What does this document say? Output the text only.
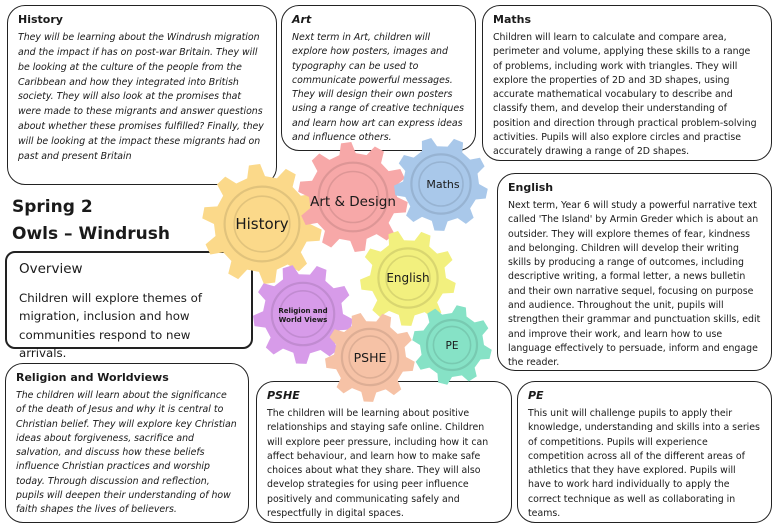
History

They will be learning about the Windrush migration and the impact if has on post-war Britain. They will be looking at the culture of the people from the Caribbean and how they integrated into British society. They will also look at the promises that were made to these migrants and answer questions about whether these promises fulfilled? Finally, they will be looking at the impact these migrants had on past and present Britain

Art

Next term in Art, children will explore how posters, images and typography can be used to communicate powerful messages. They will design their own posters using a range of creative techniques and learn how art can express ideas and influence others.

Maths

Children will learn to calculate and compare area, perimeter and volume, applying these skills to a range of problems, including work with triangles. They will explore the properties of 2D and 3D shapes, using accurate mathematical vocabulary to describe and classify them, and develop their understanding of position and direction through practical problem-solving activities. Pupils will also explore circles and practise accurately drawing a range of 2D shapes.

Spring 2
Owls – Windrush
Overview

Children will explore themes of migration, inclusion and how communities respond to new arrivals.

English

Next term, Year 6 will study a powerful narrative text called 'The Island' by Armin Greder which is about an outsider. They will explore themes of fear, kindness and belonging. Children will develop their writing skills by producing a range of outcomes, including descriptive writing, a formal letter, a news bulletin and their own narrative sequel, focusing on purpose and audience. Throughout the unit, pupils will strengthen their grammar and punctuation skills, edit and improve their work, and learn how to use language effectively to persuade, inform and engage the reader.

Religion and Worldviews

The children will learn about the significance of the death of Jesus and why it is central to Christian belief. They will explore key Christian ideas about forgiveness, sacrifice and salvation, and discuss how these beliefs influence Christian practices and worship today. Through discussion and reflection, pupils will deepen their understanding of how faith shapes the lives of believers.

PSHE

The children will be learning about positive relationships and staying safe online. Children will explore peer pressure, including how it can affect behaviour, and learn how to make safe choices about what they share. They will also develop strategies for using peer influence positively and communicating safely and respectfully in digital spaces.

PE

This unit will challenge pupils to apply their knowledge, understanding and skills into a series of competitions. Pupils will experience competition across all of the different areas of athletics that they have explored. Pupils will have to work hard individually to apply the correct technique as well as collaborating in teams.

History
Art & Design
Maths
English
Religion and
World Views
PSHE
PE
